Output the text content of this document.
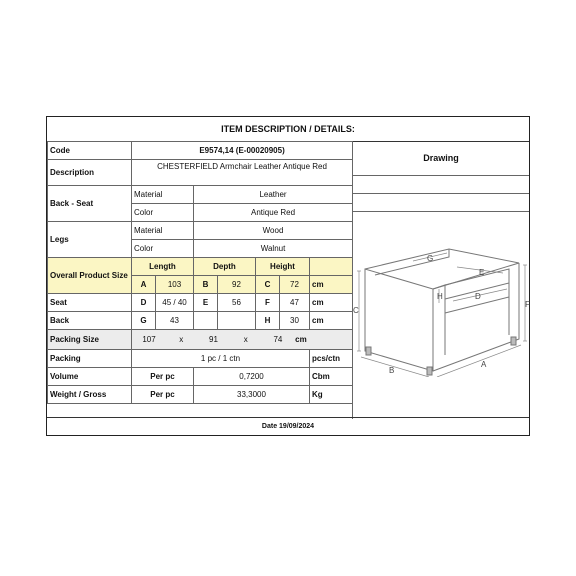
ITEM DESCRIPTION / DETAILS:
Code	E9574,14 (E-00020905)						
Description	CHESTERFIELD Armchair Leather Antique Red						
Back - Seat	Material		Leather				
	Color		Antique Red				
Legs	Material		Wood				
	Color		Walnut				
Overall Product Size	Length		Depth		Height		
	A	103	B	92	C	72	cm
Seat	D	45 / 40	E	56	F	47	cm
Back	G	43			H	30	cm
Packing Size	107 x 91 x 74 cm						
Packing	1 pc / 1 ctn						pcs/ctn
Volume	Per pc		0,7200				Cbm
Weight / Gross	Per pc		33,3000				Kg
Drawing
C
F
B
A
D
E
G
H
Date 19/09/2024
